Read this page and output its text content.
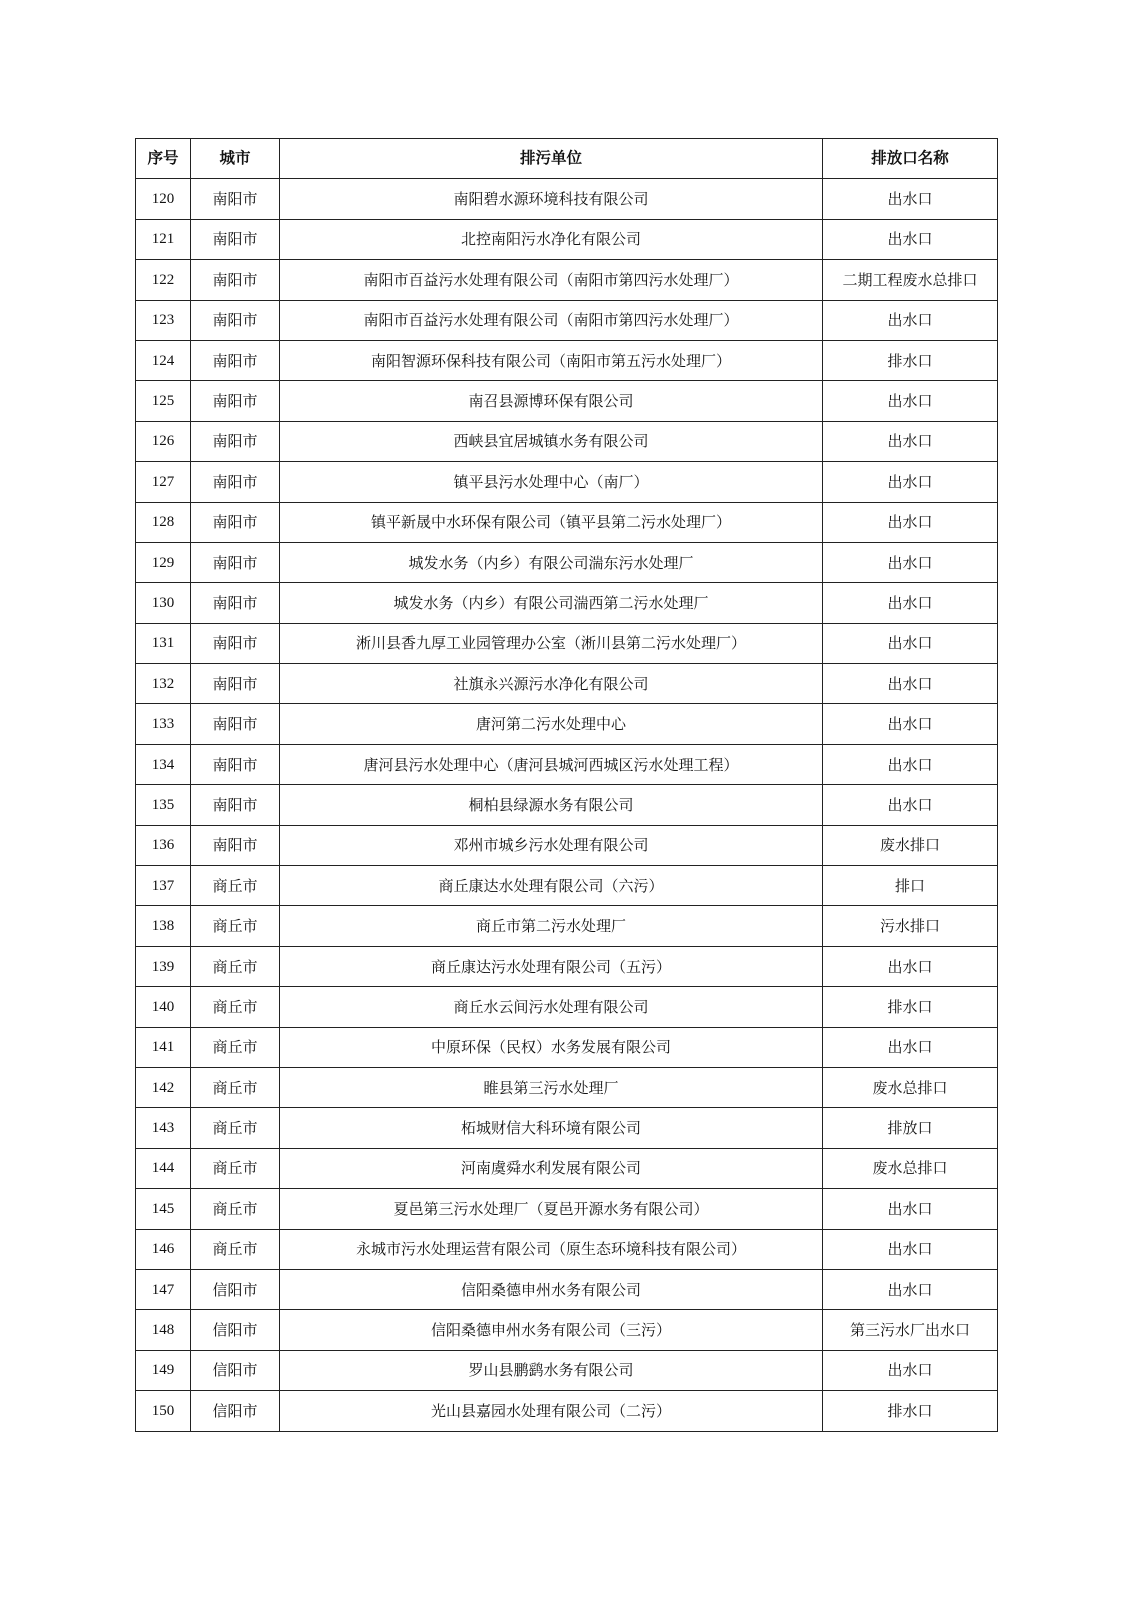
序号	城市	排污单位	排放口名称
120	南阳市	南阳碧水源环境科技有限公司	出水口
121	南阳市	北控南阳污水净化有限公司	出水口
122	南阳市	南阳市百益污水处理有限公司（南阳市第四污水处理厂）	二期工程废水总排口
123	南阳市	南阳市百益污水处理有限公司（南阳市第四污水处理厂）	出水口
124	南阳市	南阳智源环保科技有限公司（南阳市第五污水处理厂）	排水口
125	南阳市	南召县源博环保有限公司	出水口
126	南阳市	西峡县宜居城镇水务有限公司	出水口
127	南阳市	镇平县污水处理中心（南厂）	出水口
128	南阳市	镇平新晟中水环保有限公司（镇平县第二污水处理厂）	出水口
129	南阳市	城发水务（内乡）有限公司湍东污水处理厂	出水口
130	南阳市	城发水务（内乡）有限公司湍西第二污水处理厂	出水口
131	南阳市	淅川县香九厚工业园管理办公室（淅川县第二污水处理厂）	出水口
132	南阳市	社旗永兴源污水净化有限公司	出水口
133	南阳市	唐河第二污水处理中心	出水口
134	南阳市	唐河县污水处理中心（唐河县城河西城区污水处理工程）	出水口
135	南阳市	桐柏县绿源水务有限公司	出水口
136	南阳市	邓州市城乡污水处理有限公司	废水排口
137	商丘市	商丘康达水处理有限公司（六污）	排口
138	商丘市	商丘市第二污水处理厂	污水排口
139	商丘市	商丘康达污水处理有限公司（五污）	出水口
140	商丘市	商丘水云间污水处理有限公司	排水口
141	商丘市	中原环保（民权）水务发展有限公司	出水口
142	商丘市	睢县第三污水处理厂	废水总排口
143	商丘市	柘城财信大科环境有限公司	排放口
144	商丘市	河南虞舜水利发展有限公司	废水总排口
145	商丘市	夏邑第三污水处理厂（夏邑开源水务有限公司）	出水口
146	商丘市	永城市污水处理运营有限公司（原生态环境科技有限公司）	出水口
147	信阳市	信阳桑德申州水务有限公司	出水口
148	信阳市	信阳桑德申州水务有限公司（三污）	第三污水厂出水口
149	信阳市	罗山县鹏鹞水务有限公司	出水口
150	信阳市	光山县嘉园水处理有限公司（二污）	排水口
